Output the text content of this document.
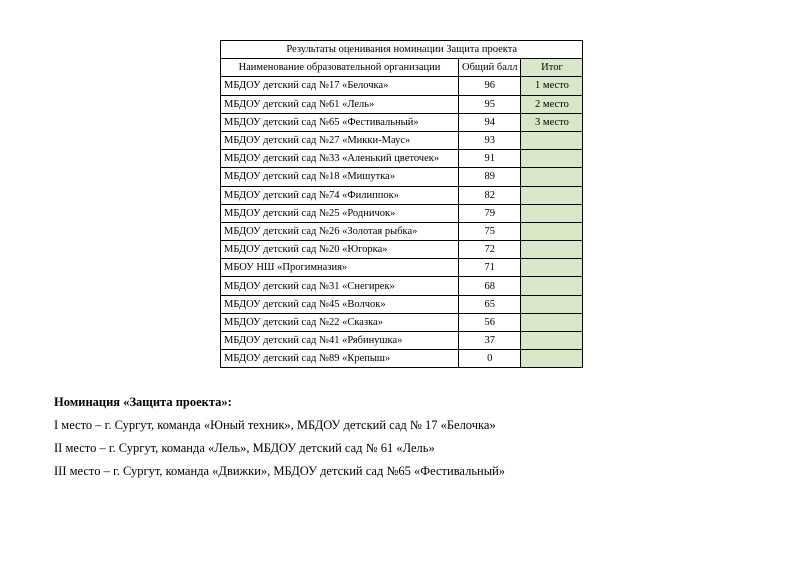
Результаты оценивания номинации Защита проекта		
Наименование образовательной организации	Общий балл	Итог
МБДОУ детский сад №17 «Белочка»	96	1 место
МБДОУ детский сад №61 «Лель»	95	2 место
МБДОУ детский сад №65 «Фестивальный»	94	3 место
МБДОУ детский сад №27 «Микки-Маус»	93	
МБДОУ детский сад №33 «Аленький цветочек»	91	
МБДОУ детский сад №18 «Мишутка»	89	
МБДОУ детский сад №74 «Филиппок»	82	
МБДОУ детский сад №25 «Родничок»	79	
МБДОУ детский сад №26 «Золотая рыбка»	75	
МБДОУ детский сад №20 «Югорка»	72	
МБОУ НШ «Прогимназия»	71	
МБДОУ детский сад №31 «Снегирек»	68	
МБДОУ детский сад №45 «Волчок»	65	
МБДОУ детский сад №22 «Сказка»	56	
МБДОУ детский сад №41 «Рябинушка»	37	
МБДОУ детский сад №89 «Крепыш»	0	
Номинация «Защита проекта»:
I место – г. Сургут, команда «Юный техник», МБДОУ детский сад № 17 «Белочка»
II место – г. Сургут, команда «Лель», МБДОУ детский сад № 61 «Лель»
III место – г. Сургут, команда «Движки», МБДОУ детский сад №65 «Фестивальный»
